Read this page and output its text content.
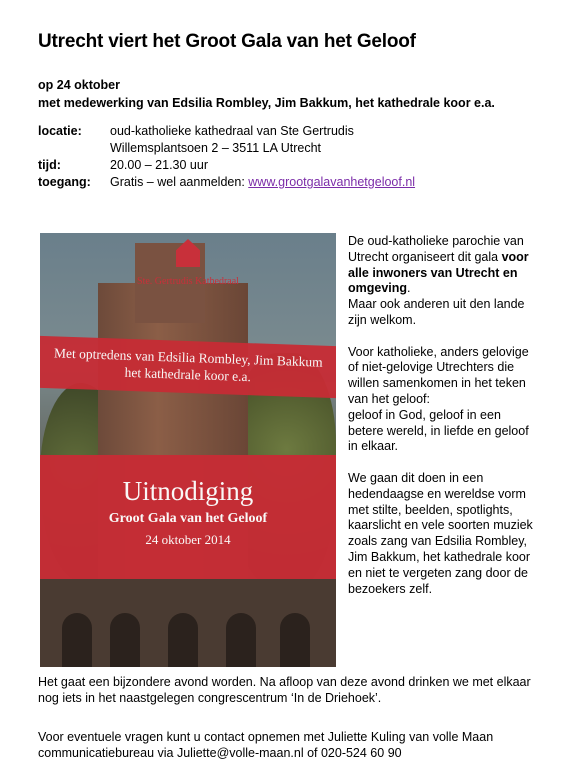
Utrecht viert het Groot Gala van het Geloof
op 24 oktober
met medewerking van Edsilia Rombley, Jim Bakkum, het kathedrale koor e.a.
locatie: oud-katholieke kathedraal van Ste Gertrudis
Willemsplantsoen 2 – 3511 LA Utrecht
tijd:	20.00 – 21.30 uur
toegang: Gratis – wel aanmelden: www.grootgalavanhetgeloof.nl
Ste. Gertrudis Kathedraal
Met optredens van Edsilia Rombley, Jim Bakkum
het kathedrale koor e.a.
Uitnodiging
Groot Gala van het Geloof
24 oktober 2014

De oud-katholieke parochie van Utrecht organiseert dit gala voor alle inwoners van Utrecht en omgeving.
Maar ook anderen uit den lande zijn welkom.

Voor katholieke, anders gelovige of niet-gelovige Utrechters die willen samenkomen in het teken van het geloof:
geloof in God, geloof in een betere wereld, in liefde en geloof in elkaar.

We gaan dit doen in een hedendaagse en wereldse vorm met stilte, beelden, spotlights, kaarslicht en vele soorten muziek zoals zang van Edsilia Rombley, Jim Bakkum, het kathedrale koor en niet te vergeten zang door de bezoekers zelf.

Het gaat een bijzondere avond worden. Na afloop van deze avond drinken we met elkaar nog iets in het naastgelegen congrescentrum ‘In de Driehoek’.
Voor eventuele vragen kunt u contact opnemen met Juliette Kuling van volle Maan communicatiebureau via Juliette@volle-maan.nl of 020-524 60 90
